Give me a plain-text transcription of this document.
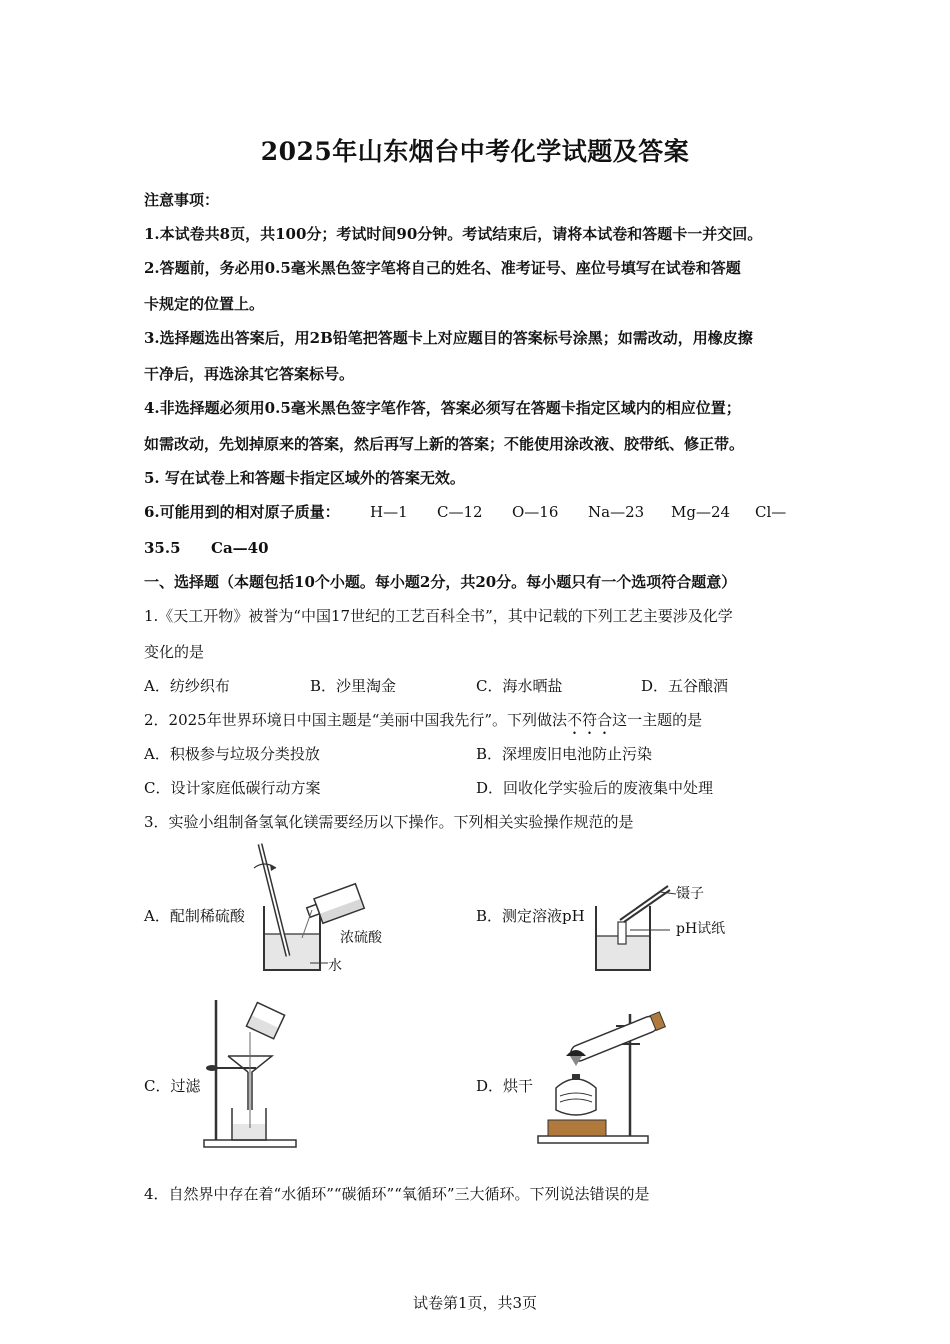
2025年山东烟台中考化学试题及答案
注意事项：
1.本试卷共8页，共100分；考试时间90分钟。考试结束后，请将本试卷和答题卡一并交回。
2.答题前，务必用0.5毫米黑色签字笔将自己的姓名、准考证号、座位号填写在试卷和答题
卡规定的位置上。
3.选择题选出答案后，用2B铅笔把答题卡上对应题目的答案标号涂黑；如需改动，用橡皮擦
干净后，再选涂其它答案标号。
4.非选择题必须用0.5毫米黑色签字笔作答，答案必须写在答题卡指定区域内的相应位置；
如需改动，先划掉原来的答案，然后再写上新的答案；不能使用涂改液、胶带纸、修正带。
5. 写在试卷上和答题卡指定区域外的答案无效。
6.可能用到的相对原子质量： H—1 C—12 O—16 Na—23 Mg—24 Cl—
35.5 Ca—40
一、选择题（本题包括10个小题。每小题2分，共20分。每小题只有一个选项符合题意）
1.《天工开物》被誉为“中国17世纪的工艺百科全书”，其中记载的下列工艺主要涉及化学
变化的是
A．纺纱织布	B．沙里淘金	C．海水晒盐	D．五谷酿酒
2．2025年世界环境日中国主题是“美丽中国我先行”。下列做法不符合这一主题的是
A．积极参与垃圾分类投放	B．深埋废旧电池防止污染
C．设计家庭低碳行动方案	D．回收化学实验后的废液集中处理
3．实验小组制备氢氧化镁需要经历以下操作。下列相关实验操作规范的是
A．配制稀硫酸	B．测定溶液pH
C．过滤	D．烘干
浓硫酸
水
镊子
pH试纸
4．自然界中存在着“水循环”“碳循环”“氧循环”三大循环。下列说法错误的是
试卷第1页，共3页
